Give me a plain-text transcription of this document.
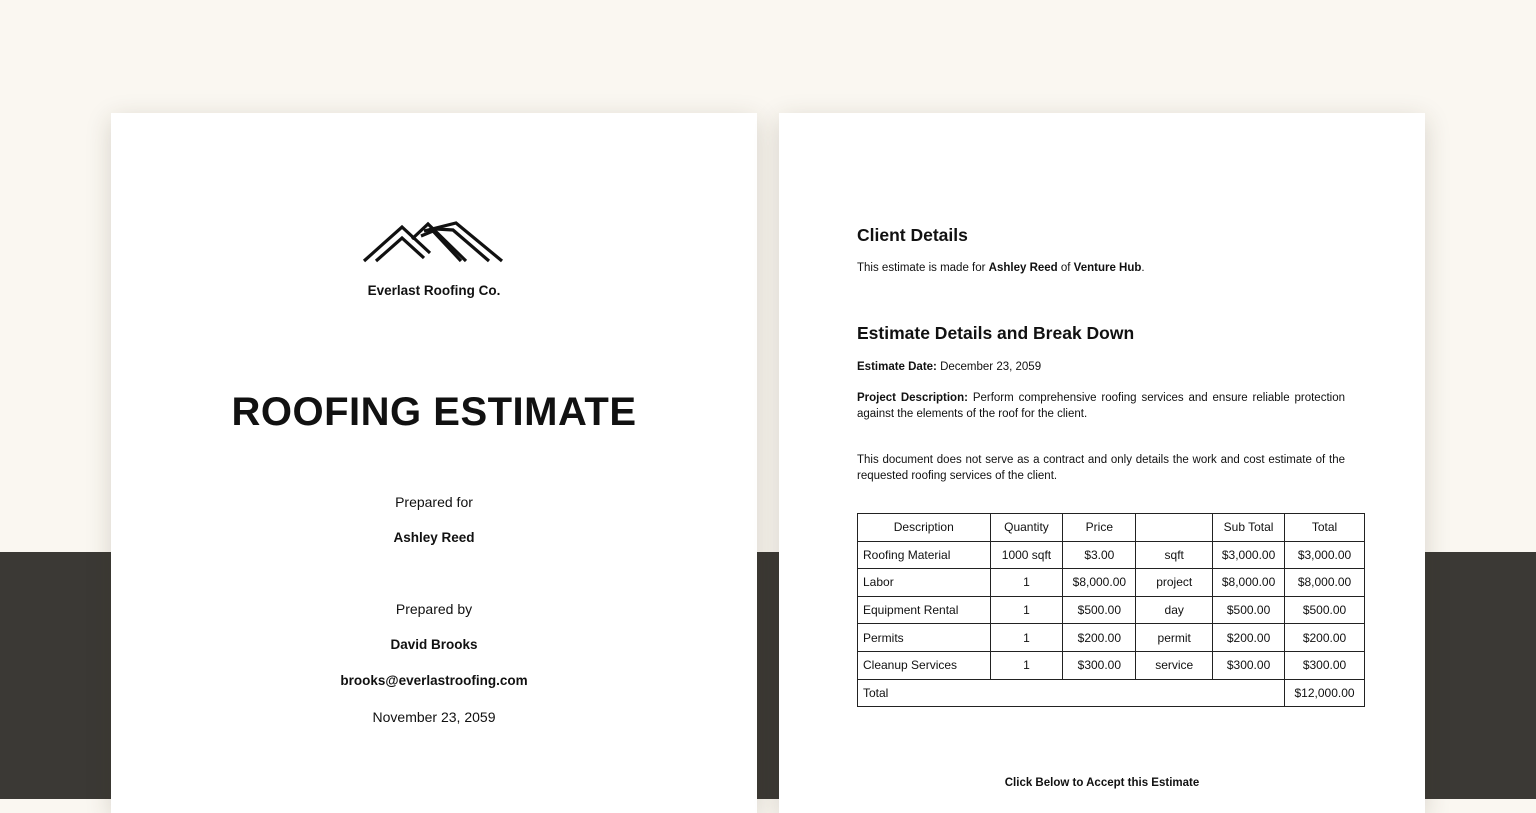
Everlast Roofing Co.
ROOFING ESTIMATE
Prepared for
Ashley Reed
Prepared by
David Brooks
brooks@everlastroofing.com
November 23, 2059
Client Details
This estimate is made for Ashley Reed of Venture Hub.
Estimate Details and Break Down
Estimate Date: December 23, 2059
Project Description: Perform comprehensive roofing services and ensure reliable protection against the elements of the roof for the client.
This document does not serve as a contract and only details the work and cost estimate of the requested roofing services of the client.
Description	Quantity	Price		Sub Total	Total
Roofing Material	1000 sqft	$3.00	sqft	$3,000.00	$3,000.00
Labor	1	$8,000.00	project	$8,000.00	$8,000.00
Equipment Rental	1	$500.00	day	$500.00	$500.00
Permits	1	$200.00	permit	$200.00	$200.00
Cleanup Services	1	$300.00	service	$300.00	$300.00
Total					$12,000.00
Click Below to Accept this Estimate
